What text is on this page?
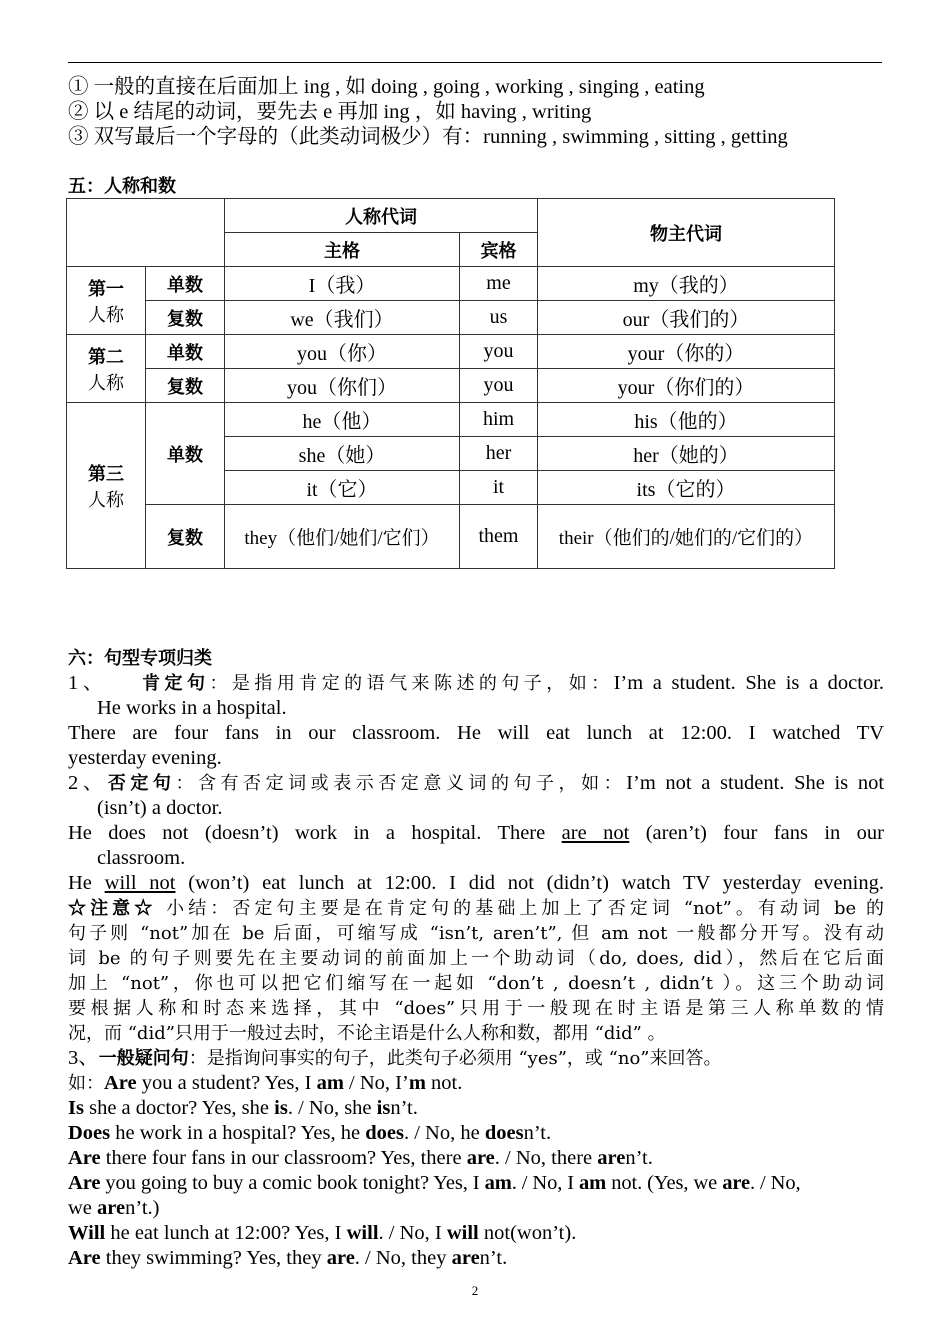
① 一般的直接在后面加上 ing , 如 doing , going , working , singing , eating
② 以 e 结尾的动词，要先去 e 再加 ing ，如 having , writing
③ 双写最后一个字母的（此类动词极少）有：running , swimming , sitting , getting
五：人称和数
		人称代词		物主代词
		主格	宾格	

第一
人称	单数	I（我）	me	my（我的）
	复数	we（我们）	us	our（我们的）

第二
人称	单数	you（你）	you	your（你的）
	复数	you（你们）	you	your（你们的）

第三
人称	单数	he（他）	him	his（他的）
		she（她）	her	her（她的）
		it（它）	it	its（它的）
	复数	they（他们/她们/它们）	them	their（他们的/她们的/它们的）
六：句型专项归类
1、 肯定句：是指用肯定的语气来陈述的句子，如：I’m a student. She is a doctor.
He works in a hospital.
There are four fans in our classroom. He will eat lunch at 12:00. I watched TV
yesterday evening.
2、否定句：含有否定词或表示否定意义词的句子，如：I’m not a student. She is not
(isn’t) a doctor.
He does not (doesn’t) work in a hospital. There are not (aren’t) four fans in our
classroom.
He will not (won’t) eat lunch at 12:00. I did not (didn’t) watch TV yesterday evening.
☆注意☆ 小结：否定句主要是在肯定句的基础上加上了否定词 “not”。有动词 be 的
句子则 “not”加在 be 后面，可缩写成 “isn’t, aren’t”, 但 am not 一般都分开写。没有动
词 be 的句子则要先在主要动词的前面加上一个助动词（do, does, did），然后在它后面
加上 “not”，你也可以把它们缩写在一起如 “don’t , doesn’t , didn’t ）。这三个助动词
要根据人称和时态来选择，其中 “does”只用于一般现在时主语是第三人称单数的情
况，而 “did”只用于一般过去时，不论主语是什么人称和数，都用 “did” 。
3、一般疑问句：是指询问事实的句子，此类句子必须用 “yes”，或 “no”来回答。
如：Are you a student? Yes, I am / No, I’m not.
Is she a doctor? Yes, she is. / No, she isn’t.
Does he work in a hospital? Yes, he does. / No, he doesn’t.
Are there four fans in our classroom? Yes, there are. / No, there aren’t.
Are you going to buy a comic book tonight? Yes, I am. / No, I am not. (Yes, we are. / No,
we aren’t.)
Will he eat lunch at 12:00? Yes, I will. / No, I will not(won’t).
Are they swimming? Yes, they are. / No, they aren’t.
2
